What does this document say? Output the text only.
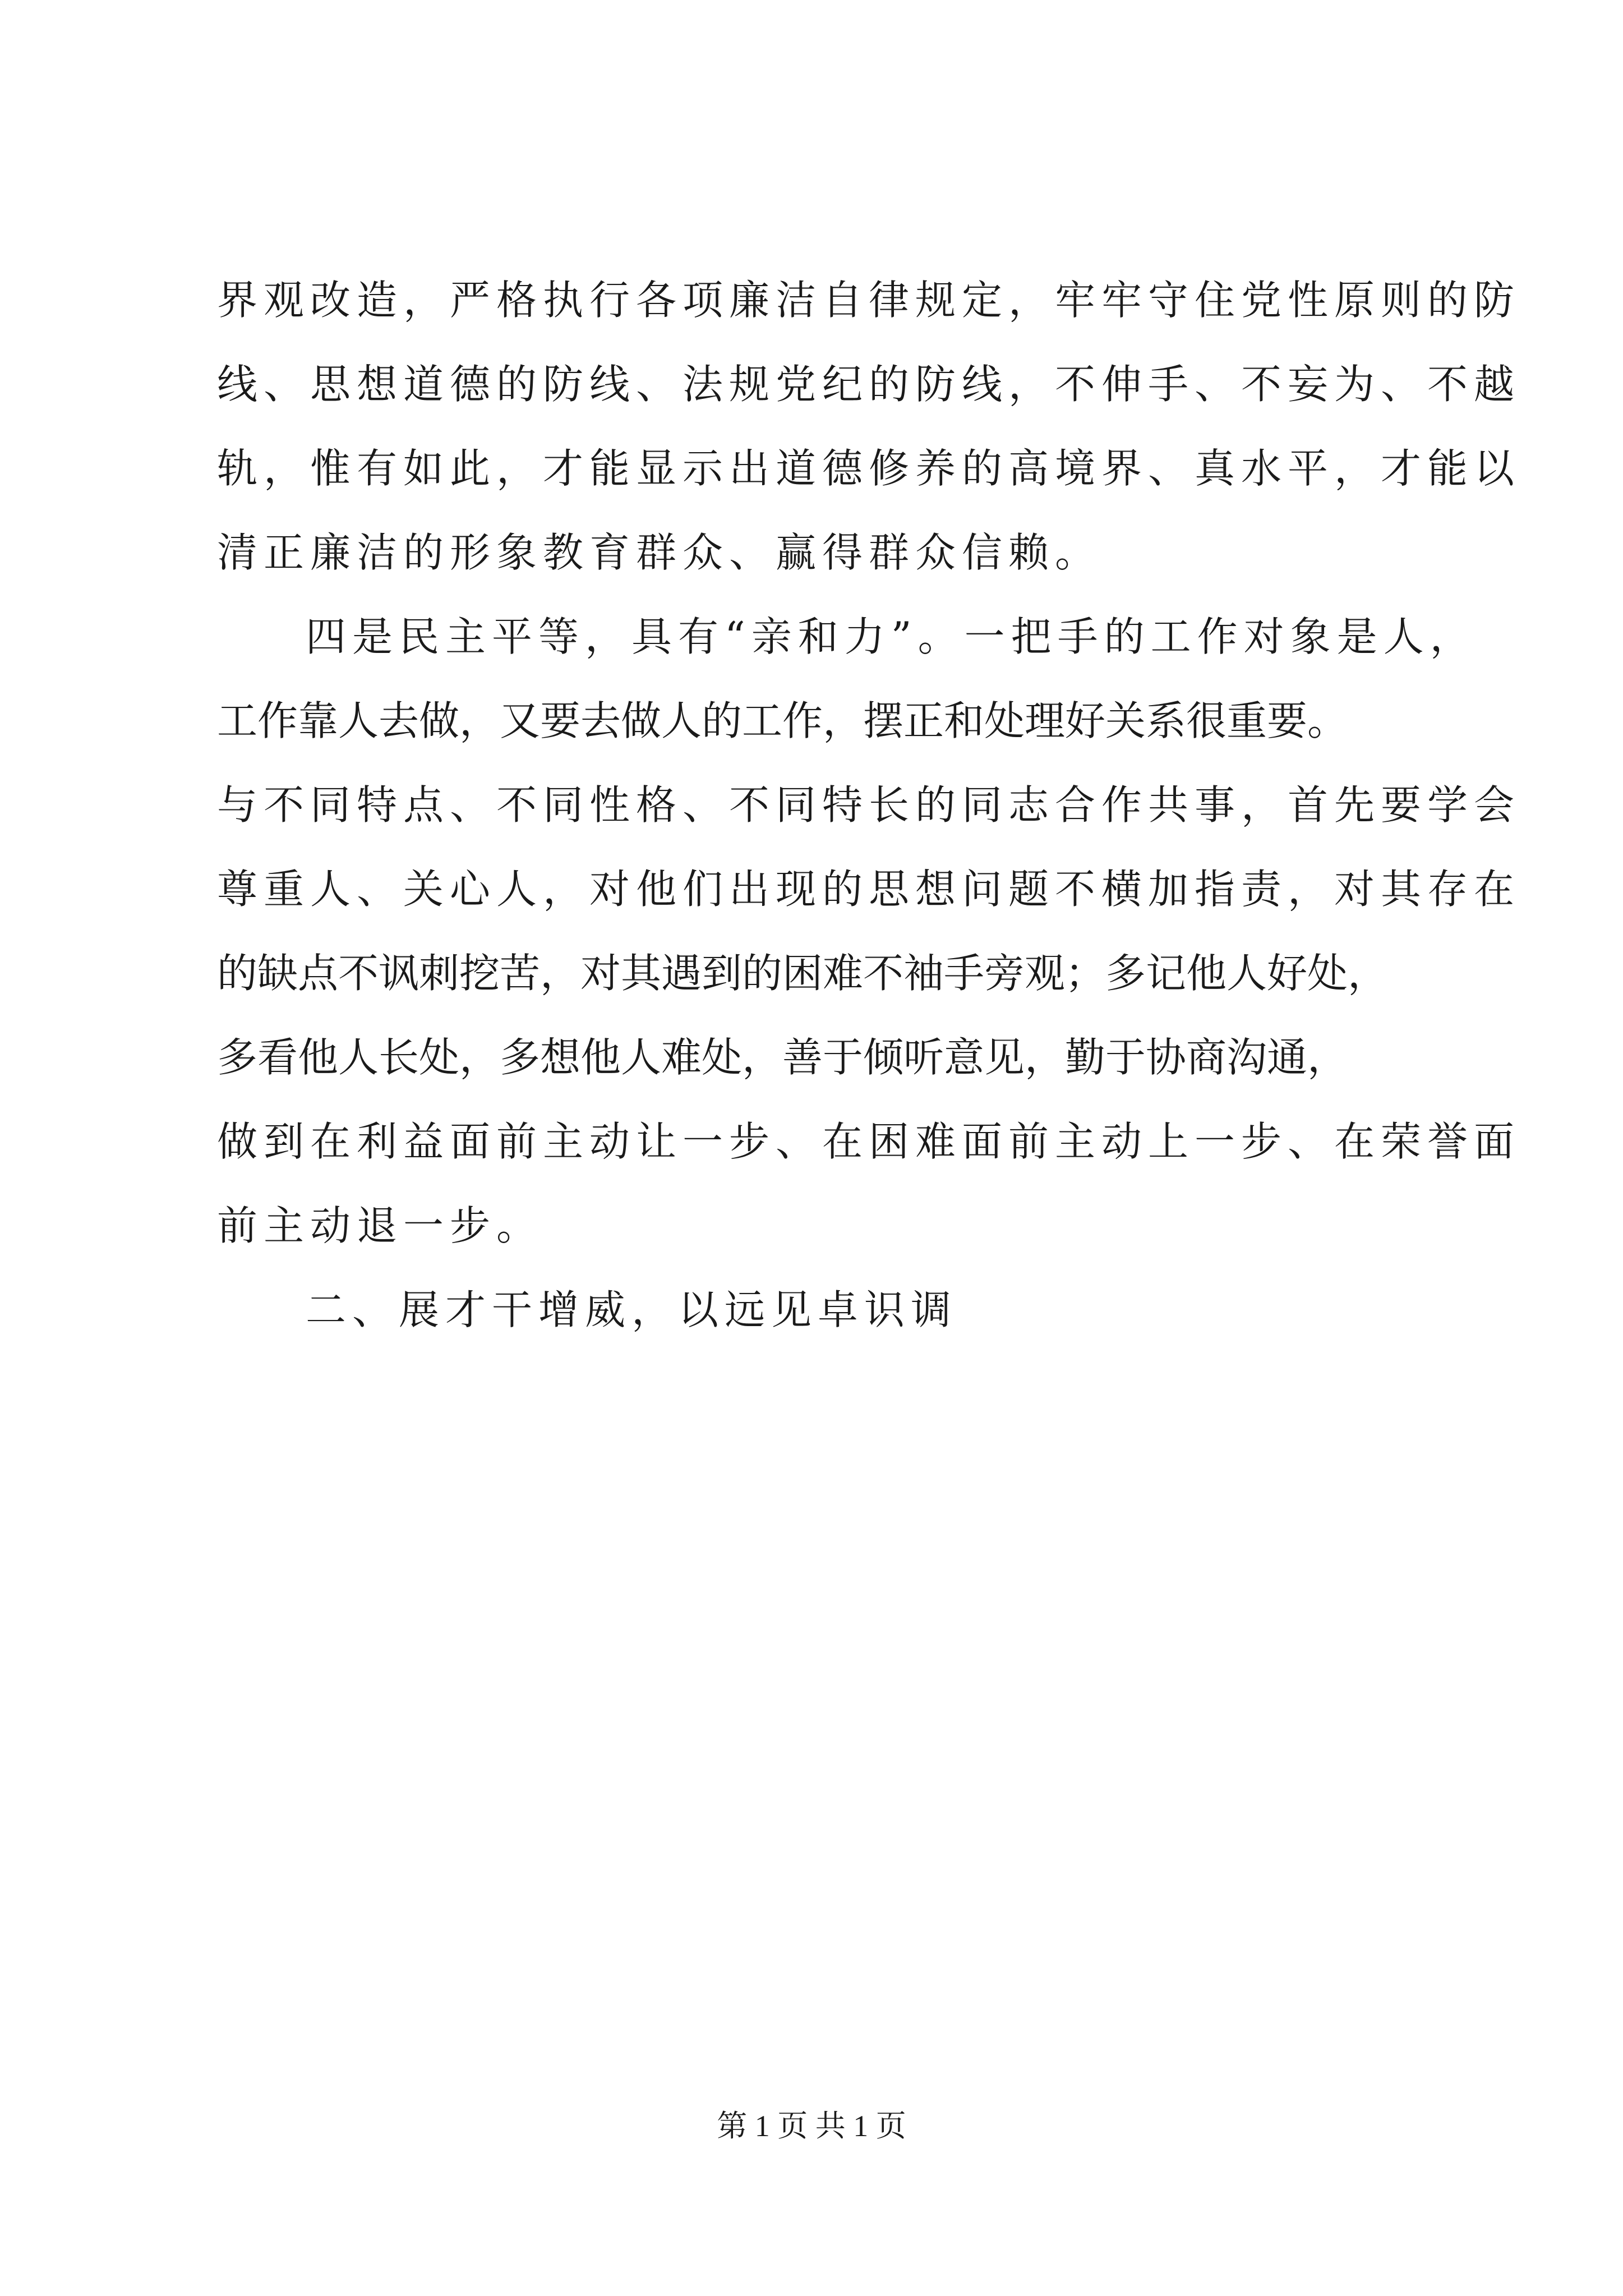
界观改造，严格执行各项廉洁自律规定，牢牢守住党性原则的防
线、思想道德的防线、法规党纪的防线，不伸手、不妄为、不越
轨，惟有如此，才能显示出道德修养的高境界、真水平，才能以
清正廉洁的形象教育群众、赢得群众信赖。
四是民主平等，具有“亲和力”。一把手的工作对象是人，
工作靠人去做，又要去做人的工作，摆正和处理好关系很重要。
与不同特点、不同性格、不同特长的同志合作共事，首先要学会
尊重人、关心人，对他们出现的思想问题不横加指责，对其存在
的缺点不讽刺挖苦，对其遇到的困难不袖手旁观；多记他人好处，
多看他人长处，多想他人难处，善于倾听意见，勤于协商沟通，
做到在利益面前主动让一步、在困难面前主动上一步、在荣誉面
前主动退一步。
二、展才干增威，以远见卓识调
第 1 页 共 1 页
